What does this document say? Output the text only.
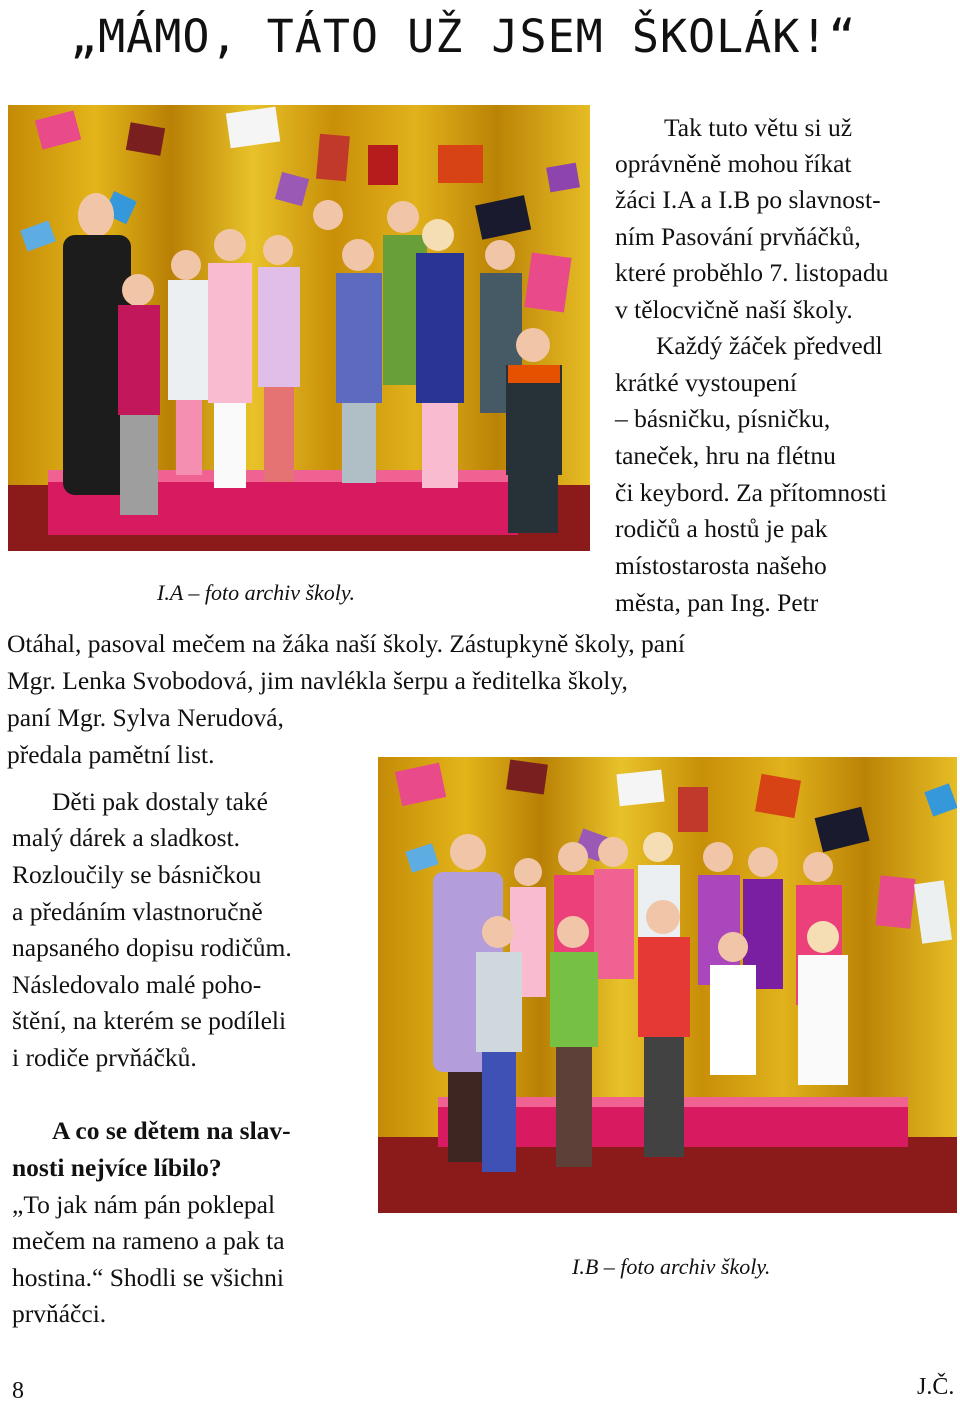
„MÁMO, TÁTO UŽ JSEM ŠKOLÁK!“
I.A – foto archiv školy.
Tak tuto větu si už
oprávněně mohou říkat
žáci I.A a I.B po slavnost-
ním Pasování prvňáčků,
které proběhlo 7. listopadu
v tělocvičně naší školy.
Každý žáček předvedl
krátké vystoupení
– básničku, písničku,
taneček, hru na flétnu
či keybord. Za přítomnosti
rodičů a hostů je pak
místostarosta našeho
města, pan Ing. Petr
Otáhal, pasoval mečem na žáka naší školy. Zástupkyně školy, paní
Mgr. Lenka Svobodová, jim navlékla šerpu a ředitelka školy,
paní Mgr. Sylva Nerudová,
předala pamětní list.
Děti pak dostaly také
malý dárek a sladkost.
Rozloučily se básničkou
a předáním vlastnoručně
napsaného dopisu rodičům.
Následovalo malé poho-
štění, na kterém se podíleli
i rodiče prvňáčků.
A co se dětem na slav-
nosti nejvíce líbilo?
„To jak nám pán poklepal
mečem na rameno a pak ta
hostina.“ Shodli se všichni
prvňáčci.
I.B – foto archiv školy.
8	J.Č.
